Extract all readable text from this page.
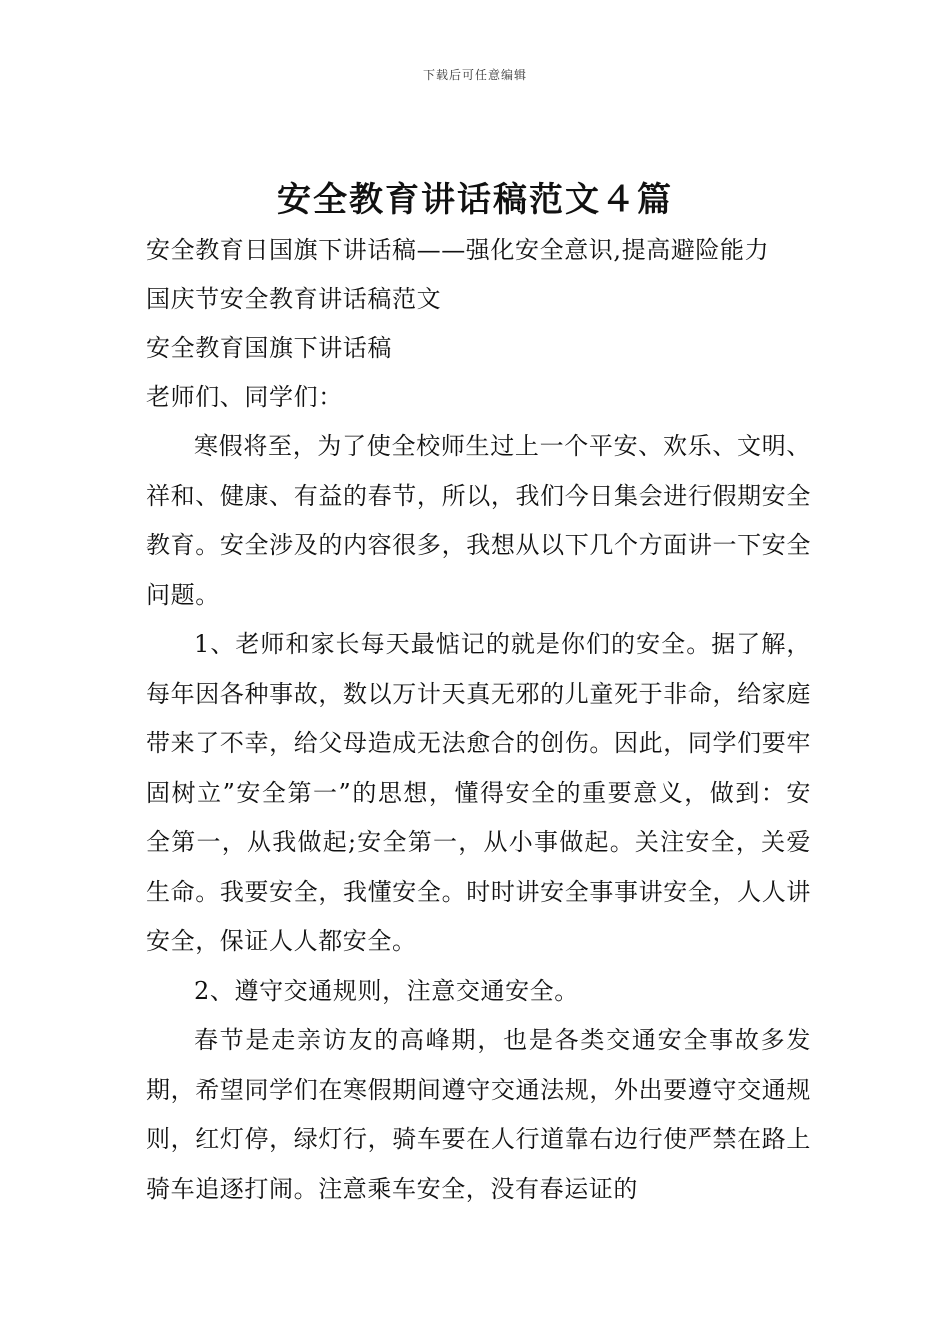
下载后可任意编辑
安全教育讲话稿范文４篇

安全教育日国旗下讲话稿——强化安全意识,提高避险能力

国庆节安全教育讲话稿范文

安全教育国旗下讲话稿

老师们、同学们：

寒假将至，为了使全校师生过上一个平安、欢乐、文明、祥和、健康、有益的春节，所以，我们今日集会进行假期安全教育。安全涉及的内容很多，我想从以下几个方面讲一下安全问题。

1、老师和家长每天最惦记的就是你们的安全。据了解，每年因各种事故，数以万计天真无邪的儿童死于非命，给家庭带来了不幸，给父母造成无法愈合的创伤。因此，同学们要牢固树立”安全第一”的思想，懂得安全的重要意义，做到：安全第一，从我做起;安全第一，从小事做起。关注安全，关爱生命。我要安全，我懂安全。时时讲安全事事讲安全，人人讲安全，保证人人都安全。

2、遵守交通规则，注意交通安全。

春节是走亲访友的高峰期，也是各类交通安全事故多发期，希望同学们在寒假期间遵守交通法规，外出要遵守交通规则，红灯停，绿灯行，骑车要在人行道靠右边行使严禁在路上骑车追逐打闹。注意乘车安全，没有春运证的
